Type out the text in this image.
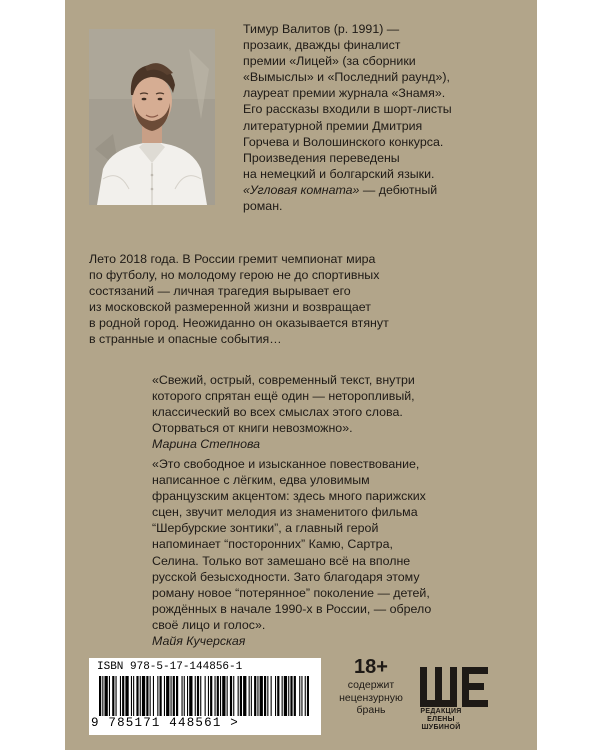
Тимур Валитов (р. 1991) —
прозаик, дважды финалист
премии «Лицей» (за сборники
«Вымыслы» и «Последний раунд»),
лауреат премии журнала «Знамя».
Его рассказы входили в шорт-листы
литературной премии Дмитрия
Горчева и Волошинского конкурса.
Произведения переведены
на немецкий и болгарский языки.
«Угловая комната» — дебютный
роман.
Лето 2018 года. В России гремит чемпионат мира
по футболу, но молодому герою не до спортивных
состязаний — личная трагедия вырывает его
из московской размеренной жизни и возвращает
в родной город. Неожиданно он оказывается втянут
в странные и опасные события…
«Свежий, острый, современный текст, внутри
которого спрятан ещё один — неторопливый,
классический во всех смыслах этого слова.
Оторваться от книги невозможно».
Марина Степнова
«Это свободное и изысканное повествование,
написанное с лёгким, едва уловимым
французским акцентом: здесь много парижских
сцен, звучит мелодия из знаменитого фильма
“Шербурские зонтики”, а главный герой
напоминает “посторонних” Камю, Сартра,
Селина. Только вот замешано всё на вполне
русской безысходности. Зато благодаря этому
роману новое “потерянное” поколение — детей,
рождённых в начале 1990-х в России, — обрело
своё лицо и голос».
Майя Кучерская
ISBN 978-5-17-144856-1
9 785171 448561 >
18+
содержит
нецензурную
брань	РЕДАКЦИЯ
ЕЛЕНЫ ШУБИНОЙ
